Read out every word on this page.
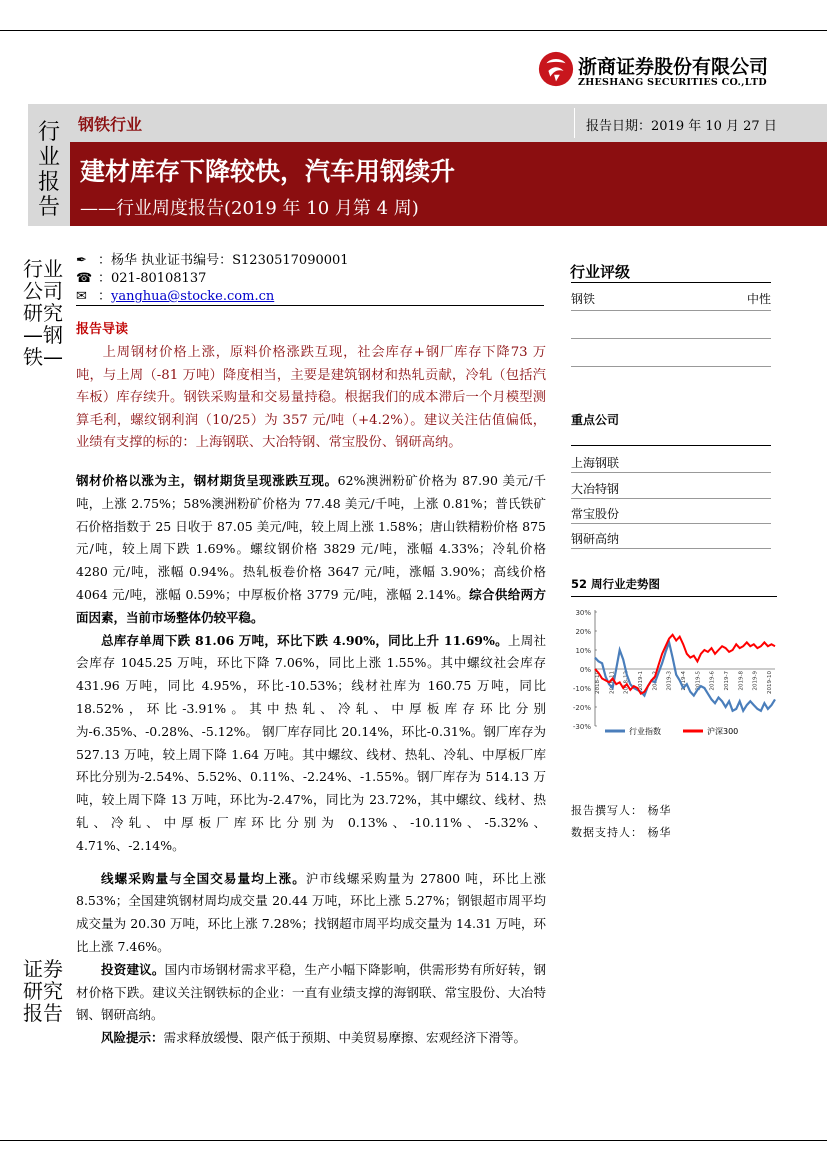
浙商证券股份有限公司
ZHESHANG SECURITIES CO.,LTD
行业报告
钢铁行业	报告日期：2019 年 10 月 27 日
建材库存下降较快，汽车用钢续升
——行业周度报告(2019 年 10 月第 4 周)
行业公司研究—钢铁—
证券研究报告
✒ ：杨华 执业证书编号：S1230517090001
☎ ：021-80108137
✉ ：yanghua@stocke.com.cn
报告导读

上周钢材价格上涨，原料价格涨跌互现，社会库存+钢厂库存下降73 万吨，与上周（-81 万吨）降度相当，主要是建筑钢材和热轧贡献，冷轧（包括汽车板）库存续升。钢铁采购量和交易量持稳。根据我们的成本滞后一个月模型测算毛利，螺纹钢利润（10/25）为 357 元/吨（+4.2%）。建议关注估值偏低，业绩有支撑的标的：上海钢联、大冶特钢、常宝股份、钢研高纳。

钢材价格以涨为主，钢材期货呈现涨跌互现。62%澳洲粉矿价格为 87.90 美元/千吨，上涨 2.75%；58%澳洲粉矿价格为 77.48 美元/千吨，上涨 0.81%；普氏铁矿石价格指数于 25 日收于 87.05 美元/吨，较上周上涨 1.58%；唐山铁精粉价格 875 元/吨，较上周下跌 1.69%。螺纹钢价格 3829 元/吨，涨幅 4.33%；冷轧价格 4280 元/吨，涨幅 0.94%。热轧板卷价格 3647 元/吨，涨幅 3.90%；高线价格 4064 元/吨，涨幅 0.59%；中厚板价格 3779 元/吨，涨幅 2.14%。综合供给两方面因素，当前市场整体仍较平稳。

总库存单周下跌 81.06 万吨，环比下跌 4.90%，同比上升 11.69%。上周社会库存 1045.25 万吨，环比下降 7.06%，同比上涨 1.55%。其中螺纹社会库存 431.96 万吨，同比 4.95%，环比-10.53%；线材社库为 160.75 万吨，同比 18.52%，环比-3.91%。其中热轧、冷轧、中厚板库存环比分别为-6.35%、-0.28%、-5.12%。 钢厂库存同比 20.14%，环比-0.31%。钢厂库存为 527.13 万吨，较上周下降 1.64 万吨。其中螺纹、线材、热轧、冷轧、中厚板厂库环比分别为-2.54%、5.52%、0.11%、-2.24%、-1.55%。钢厂库存为 514.13 万吨，较上周下降 13 万吨，环比为-2.47%，同比为 23.72%，其中螺纹、线材、热轧、冷轧、中厚板厂库环比分别为 0.13%、-10.11%、-5.32%、4.71%、-2.14%。

线螺采购量与全国交易量均上涨。沪市线螺采购量为 27800 吨，环比上涨 8.53%；全国建筑钢材周均成交量 20.44 万吨，环比上涨 5.27%；钢银超市周平均成交量为 20.30 万吨，环比上涨 7.28%；找钢超市周平均成交量为 14.31 万吨，环比上涨 7.46%。

投资建议。国内市场钢材需求平稳，生产小幅下降影响，供需形势有所好转，钢材价格下跌。建议关注钢铁标的企业：一直有业绩支撑的海钢联、常宝股份、大冶特钢、钢研高纳。

风险提示：需求释放缓慢、限产低于预期、中美贸易摩擦、宏观经济下滑等。

行业评级
钢铁	中性
重点公司
上海钢联
大冶特钢
常宝股份
钢研高纳
52 周行业走势图
30%
20%
10%
0%
-10%
-20%
-30%
2018-10 2018-11 2018-12 2019-1 2019-2 2019-3 2019-4 2019-5 2019-6 2019-7 2019-8 2019-9 2019-10
行业指数	沪深300
报告撰写人： 杨华
数据支持人： 杨华
